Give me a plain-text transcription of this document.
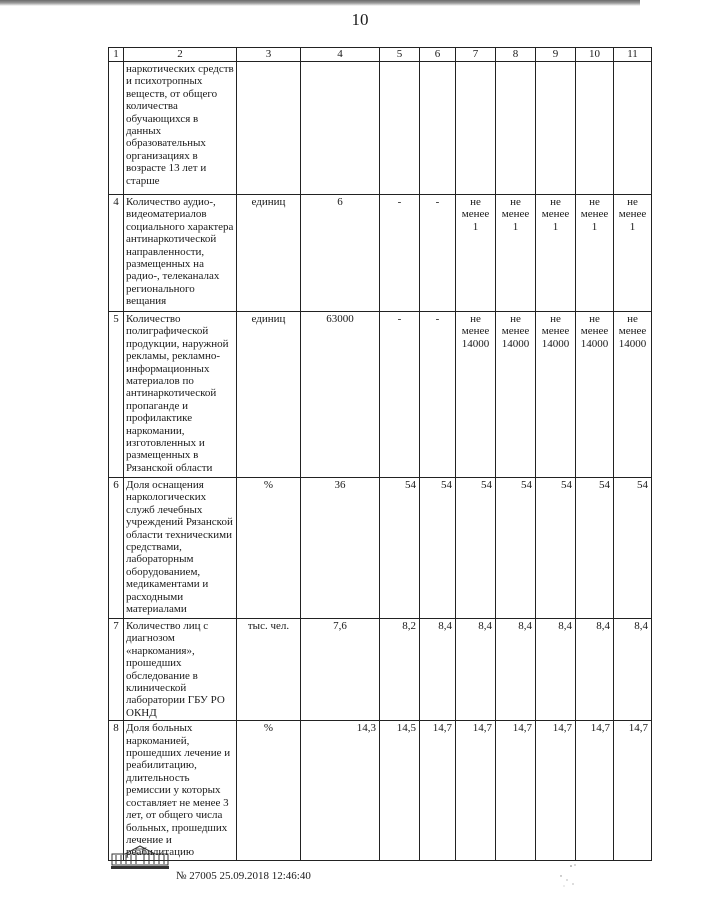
10
1	2	3	4	5	6	7	8	9	10	11
	наркотических средств и психотропных веществ, от общего количества обучающихся в данных образовательных организациях в возрасте 13 лет и старше									
4	Количество аудио-, видеоматериалов социального характера антинаркотической направленности, размещенных на радио-, телеканалах регионального вещания	единиц	6	-	-	не менее 1	не менее 1	не менее 1	не менее 1	не менее 1
5	Количество полиграфической продукции, наружной рекламы, рекламно-информационных материалов по антинаркотической пропаганде и профилактике наркомании, изготовленных и размещенных в Рязанской области	единиц	63000	-	-	не менее 14000	не менее 14000	не менее 14000	не менее 14000	не менее 14000
6	Доля оснащения наркологических служб лечебных учреждений Рязанской области техническими средствами, лабораторным оборудованием, медикаментами и расходными материалами	%	36	54	54	54	54	54	54	54
7	Количество лиц с диагнозом «наркомания», прошедших обследование в клинической лаборатории ГБУ РО ОКНД	тыс. чел.	7,6	8,2	8,4	8,4	8,4	8,4	8,4	8,4
8	Доля больных наркоманией, прошедших лечение и реабилитацию, длительность ремиссии у которых составляет не менее 3 лет, от общего числа больных, прошедших лечение и реабилитацию	%	14,3	14,5	14,7	14,7	14,7	14,7	14,7	14,7
№ 27005 25.09.2018 12:46:40
